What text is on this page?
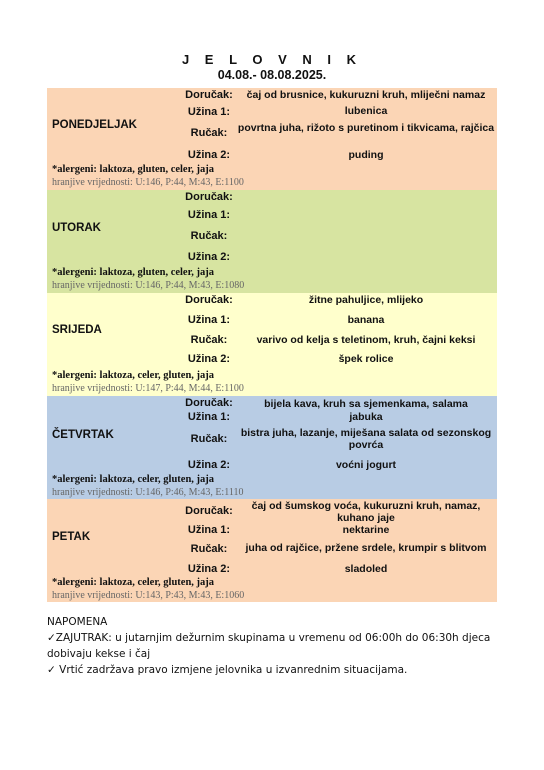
J E L O V N I K
04.08.- 08.08.2025.
PONEDJELJAK
Doručak:	čaj od brusnice, kukuruzni kruh, mliječni namaz
Užina 1:	lubenica
Ručak:	povrtna juha, rižoto s puretinom i tikvicama, rajčica
Užina 2:	puding
*alergeni: laktoza, gluten, celer, jaja
hranjive vrijednosti: U:146, P:44, M:43, E:1100
UTORAK
Doručak:
Užina 1:
Ručak:
Užina 2:
*alergeni: laktoza, gluten, celer, jaja
hranjive vrijednosti: U:146, P:44, M:43, E:1080
SRIJEDA
Doručak:	žitne pahuljice, mlijeko
Užina 1:	banana
Ručak:	varivo od kelja s teletinom, kruh, čajni keksi
Užina 2:	špek rolice
*alergeni: laktoza, celer, gluten, jaja
hranjive vrijednosti: U:147, P:44, M:44, E:1100
ČETVRTAK
Doručak:	bijela kava, kruh sa sjemenkama, salama
Užina 1:	jabuka
Ručak:	bistra juha, lazanje, miješana salata od sezonskog povrća
Užina 2:	voćni jogurt
*alergeni: laktoza, celer, gluten, jaja
hranjive vrijednosti: U:146, P:46, M:43, E:1110
PETAK
Doručak:	čaj od šumskog voća, kukuruzni kruh, namaz, kuhano jaje
Užina 1:	nektarine
Ručak:	juha od rajčice, pržene srdele, krumpir s blitvom
Užina 2:	sladoled
*alergeni: laktoza, celer, gluten, jaja
hranjive vrijednosti: U:143, P:43, M:43, E:1060
NAPOMENA
✓ZAJUTRAK: u jutarnjim dežurnim skupinama u vremenu od 06:00h do 06:30h djeca dobivaju kekse i čaj
✓ Vrtić zadržava pravo izmjene jelovnika u izvanrednim situacijama.
